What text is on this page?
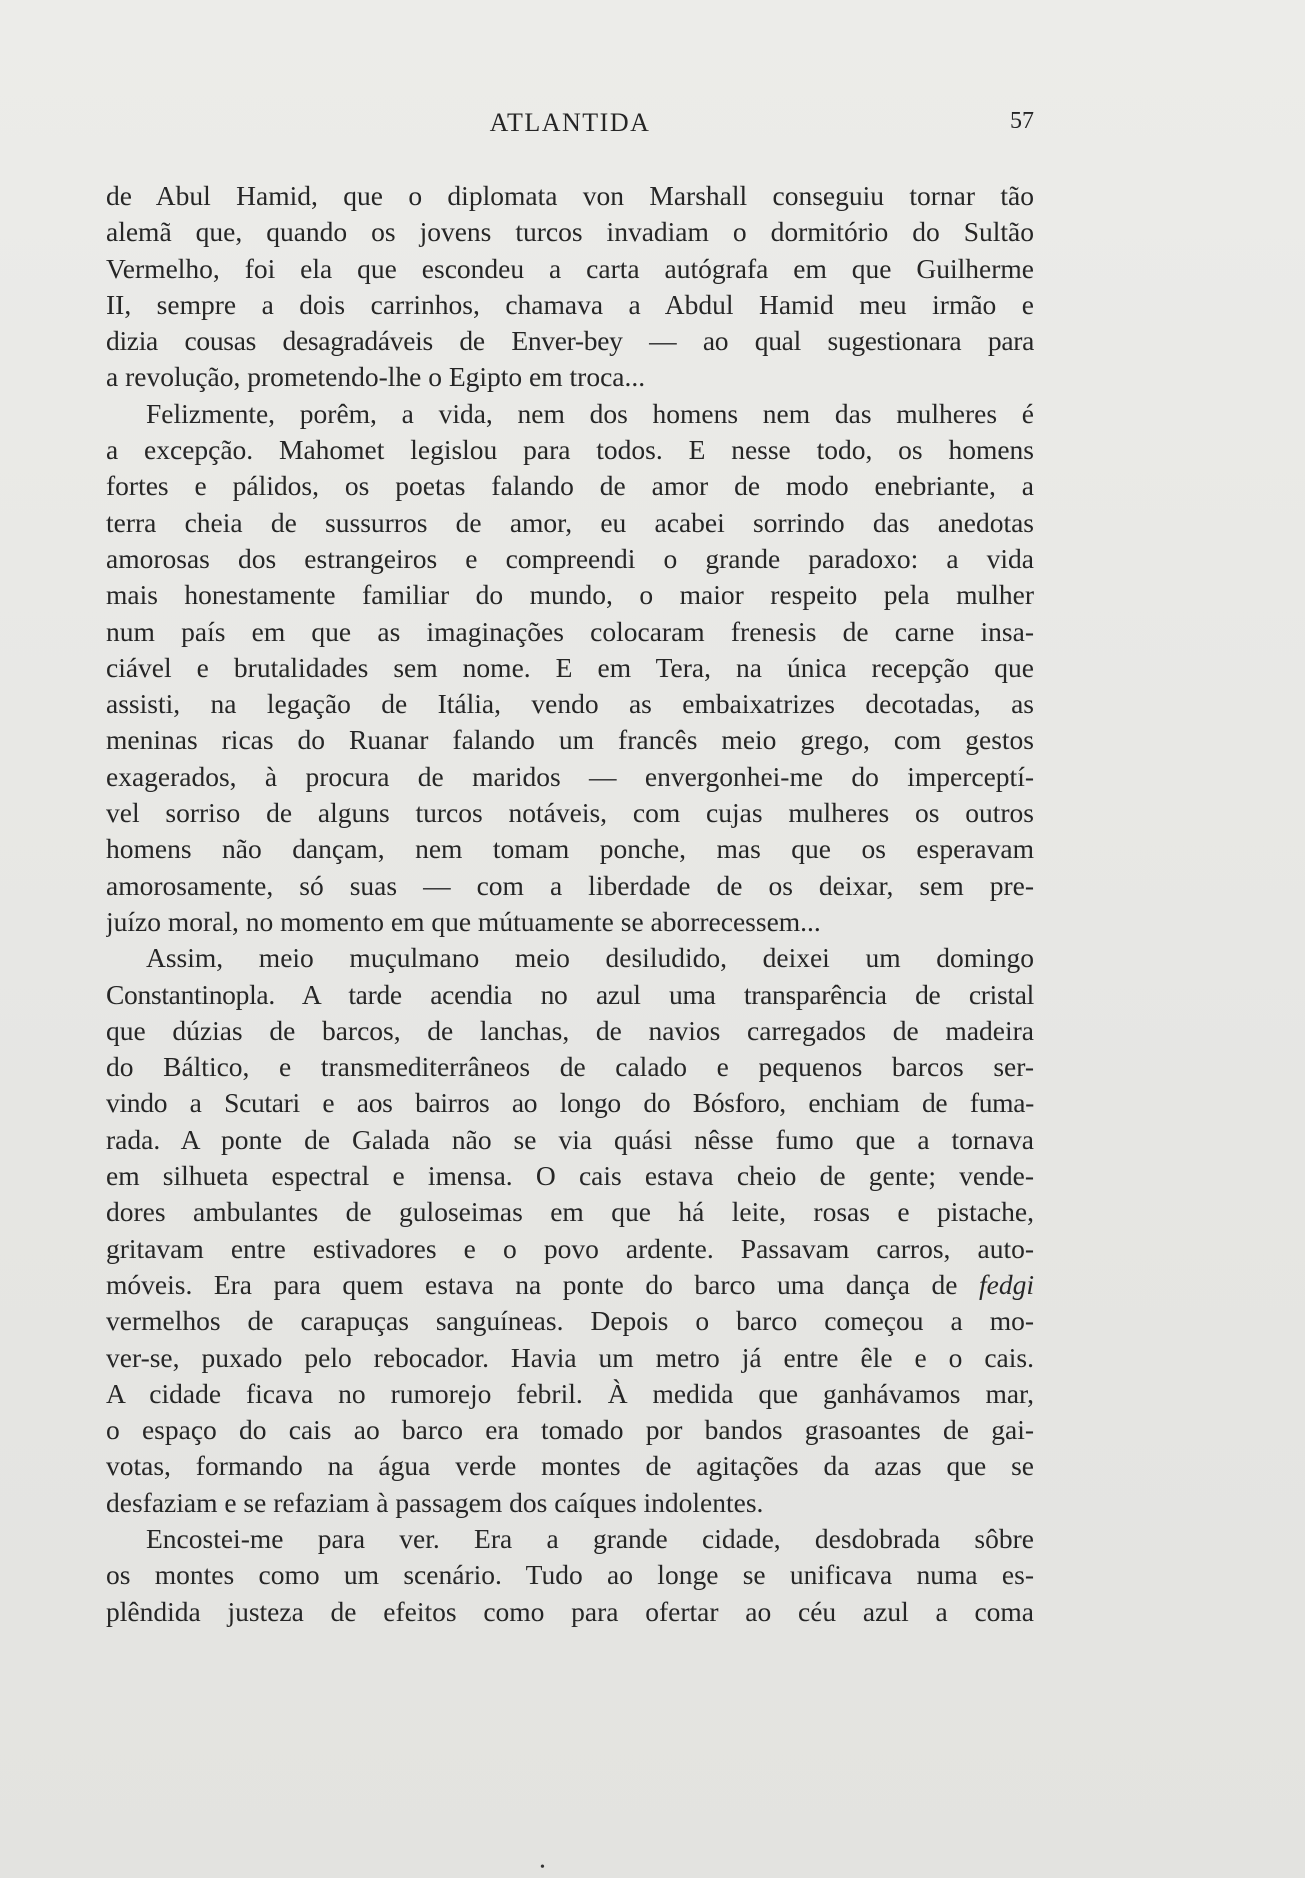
ATLANTIDA	57
de Abul Hamid, que o diplomata von Marshall conseguiu tornar tão
alemã que, quando os jovens turcos invadiam o dormitório do Sultão
Vermelho, foi ela que escondeu a carta autógrafa em que Guilherme
II, sempre a dois carrinhos, chamava a Abdul Hamid meu irmão e
dizia cousas desagradáveis de Enver-bey — ao qual sugestionara para
a revolução, prometendo-lhe o Egipto em troca...
Felizmente, porêm, a vida, nem dos homens nem das mulheres é
a excepção. Mahomet legislou para todos. E nesse todo, os homens
fortes e pálidos, os poetas falando de amor de modo enebriante, a
terra cheia de sussurros de amor, eu acabei sorrindo das anedotas
amorosas dos estrangeiros e compreendi o grande paradoxo: a vida
mais honestamente familiar do mundo, o maior respeito pela mulher
num país em que as imaginações colocaram frenesis de carne insa-
ciável e brutalidades sem nome. E em Tera, na única recepção que
assisti, na legação de Itália, vendo as embaixatrizes decotadas, as
meninas ricas do Ruanar falando um francês meio grego, com gestos
exagerados, à procura de maridos — envergonhei-me do imperceptí-
vel sorriso de alguns turcos notáveis, com cujas mulheres os outros
homens não dançam, nem tomam ponche, mas que os esperavam
amorosamente, só suas — com a liberdade de os deixar, sem pre-
juízo moral, no momento em que mútuamente se aborrecessem...
Assim, meio muçulmano meio desiludido, deixei um domingo
Constantinopla. A tarde acendia no azul uma transparência de cristal
que dúzias de barcos, de lanchas, de navios carregados de madeira
do Báltico, e transmediterrâneos de calado e pequenos barcos ser-
vindo a Scutari e aos bairros ao longo do Bósforo, enchiam de fuma-
rada. A ponte de Galada não se via quási nêsse fumo que a tornava
em silhueta espectral e imensa. O cais estava cheio de gente; vende-
dores ambulantes de guloseimas em que há leite, rosas e pistache,
gritavam entre estivadores e o povo ardente. Passavam carros, auto-
móveis. Era para quem estava na ponte do barco uma dança de fedgi
vermelhos de carapuças sanguíneas. Depois o barco começou a mo-
ver-se, puxado pelo rebocador. Havia um metro já entre êle e o cais.
A cidade ficava no rumorejo febril. À medida que ganhávamos mar,
o espaço do cais ao barco era tomado por bandos grasoantes de gai-
votas, formando na água verde montes de agitações da azas que se
desfaziam e se refaziam à passagem dos caíques indolentes.
Encostei-me para ver. Era a grande cidade, desdobrada sôbre
os montes como um scenário. Tudo ao longe se unificava numa es-
plêndida justeza de efeitos como para ofertar ao céu azul a coma
•
